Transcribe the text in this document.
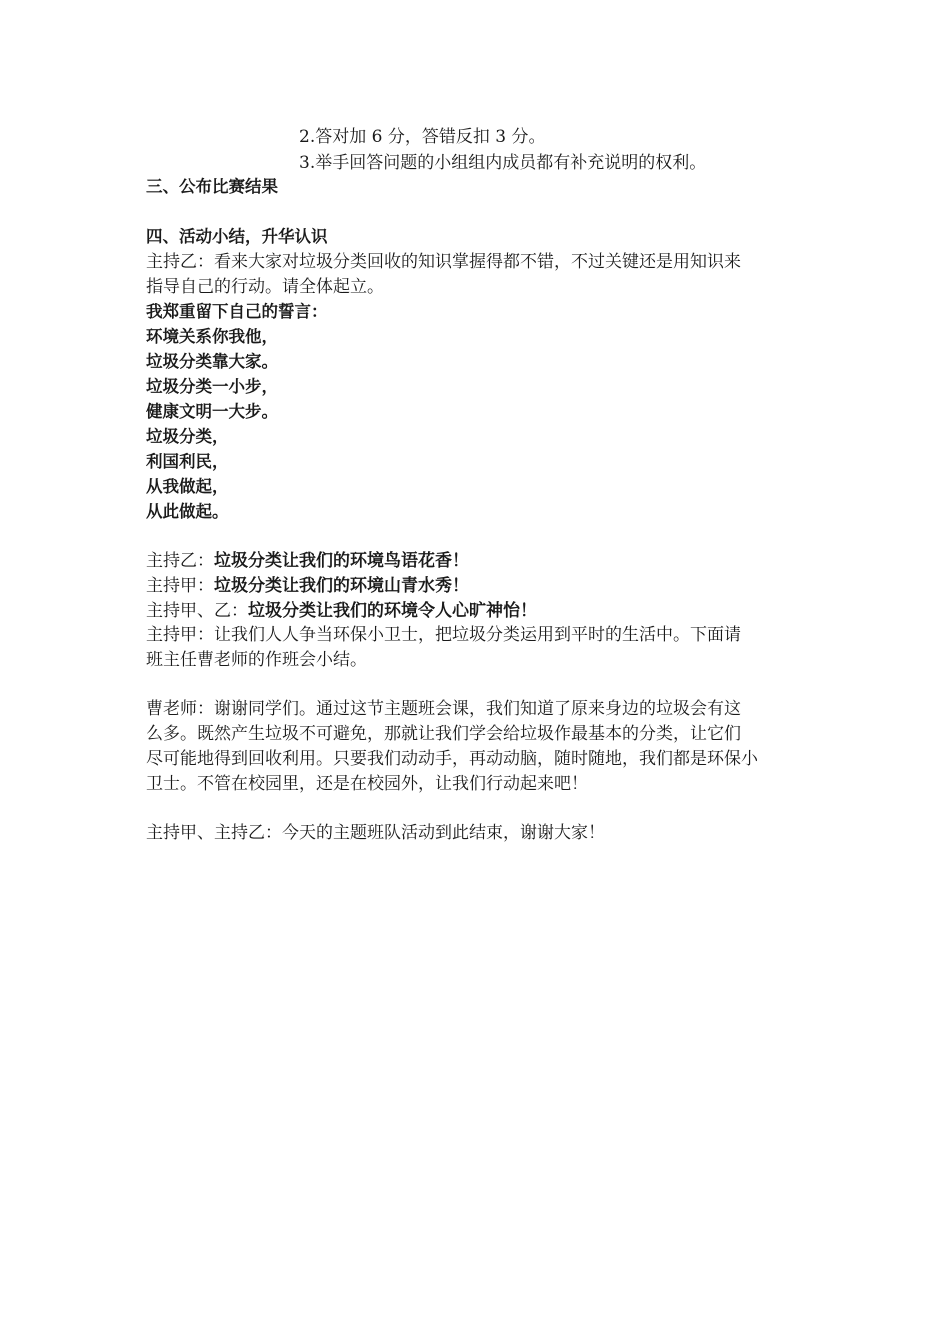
2.答对加 6 分，答错反扣 3 分。
3.举手回答问题的小组组内成员都有补充说明的权利。
三、公布比赛结果
四、活动小结，升华认识
主持乙：看来大家对垃圾分类回收的知识掌握得都不错，不过关键还是用知识来
指导自己的行动。请全体起立。
我郑重留下自己的誓言：
环境关系你我他，
垃圾分类靠大家。
垃圾分类一小步，
健康文明一大步。
垃圾分类，
利国利民，
从我做起，
从此做起。
主持乙：垃圾分类让我们的环境鸟语花香！
主持甲：垃圾分类让我们的环境山青水秀！
主持甲、乙：垃圾分类让我们的环境令人心旷神怡！
主持甲：让我们人人争当环保小卫士，把垃圾分类运用到平时的生活中。下面请
班主任曹老师的作班会小结。
曹老师：谢谢同学们。通过这节主题班会课，我们知道了原来身边的垃圾会有这
么多。既然产生垃圾不可避免，那就让我们学会给垃圾作最基本的分类，让它们
尽可能地得到回收利用。只要我们动动手，再动动脑，随时随地，我们都是环保小
卫士。不管在校园里，还是在校园外，让我们行动起来吧！
主持甲、主持乙：今天的主题班队活动到此结束，谢谢大家！
